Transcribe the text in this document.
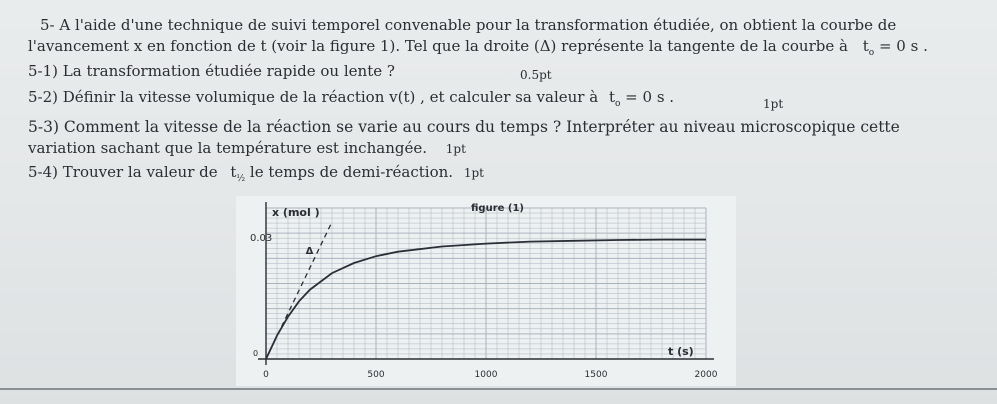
5- A l'aide d'une technique de suivi temporel convenable pour la transformation étudiée, on obtient la courbe de
l'avancement x en fonction de t (voir la figure 1). Tel que la droite (Δ) représente la tangente de la courbe à $t_o = 0$ s .
5-1) La transformation étudiée rapide ou lente ?	0.5pt
5-2) Définir la vitesse volumique de la réaction v(t) , et calculer sa valeur à $t_o = 0$ s .	1pt
5-3) Comment la vitesse de la réaction se varie au cours du temps ? Interpréter au niveau microscopique cette
variation sachant que la température est inchangée. 1pt
5-4) Trouver la valeur de $t_{\frac{1}{2}}$ le temps de demi-réaction. 1pt
0	500	1000	1500	2000
0
0.03
x (mol )	figure (1)
t (s)
Δ
